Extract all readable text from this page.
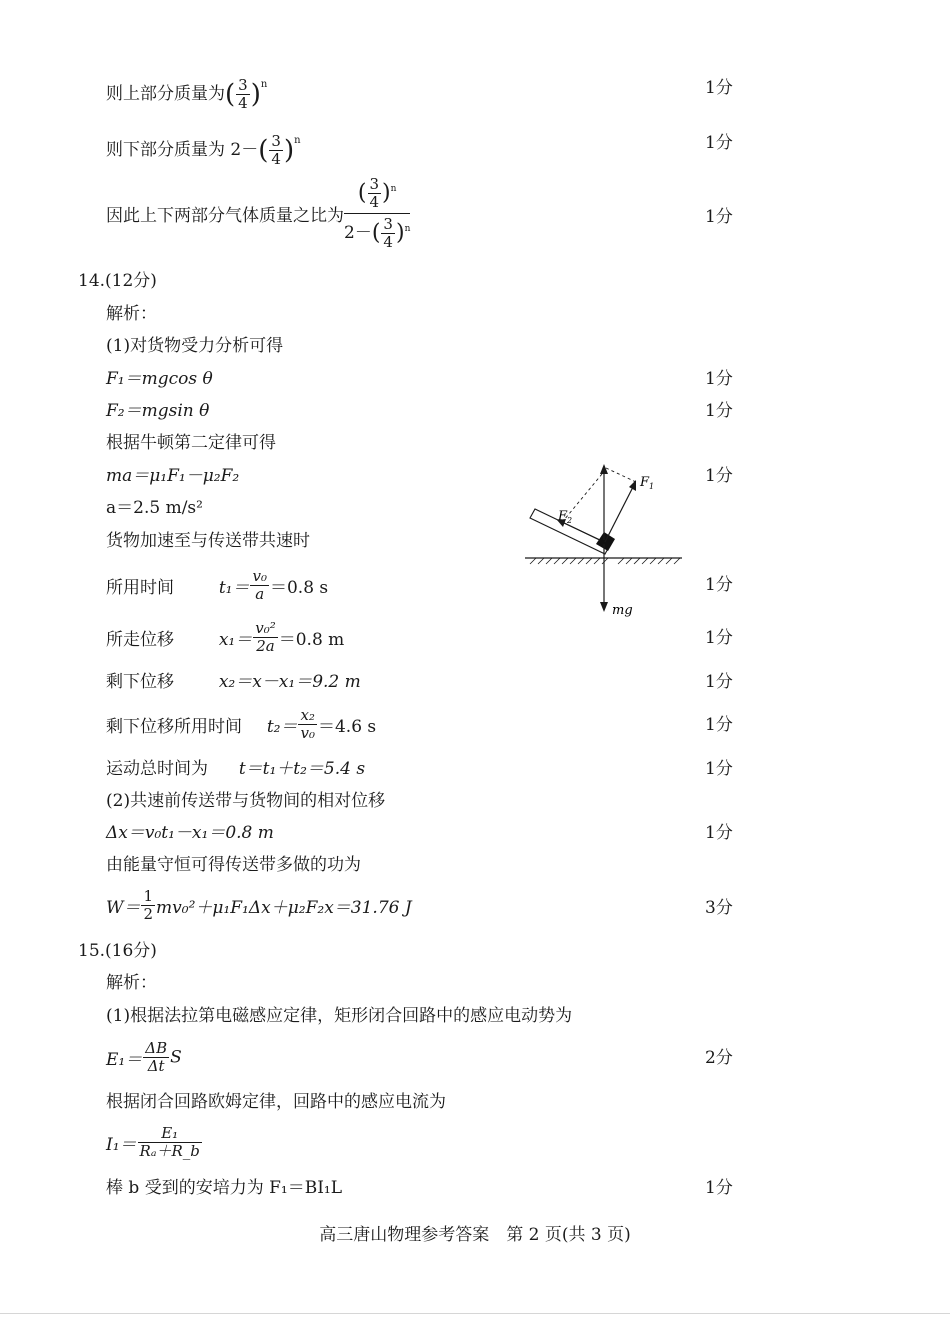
则上部分质量为( $\frac{3}{4} )^n$	1分
则下部分质量为 $2-( \frac{3}{4} )^n$	1分
因此上下两部分气体质量之比为 $\frac{( \frac{3}{4} )^n}{2-( \frac{3}{4} )^n}$	1分
14.(12分)
解析：
(1)对货物受力分析可得
F₁＝mgcos θ	1分
F₂＝mgsin θ	1分
根据牛顿第二定律可得
ma＝μ₁F₁－μ₂F₂	1分
a＝2.5 m/s²
货物加速至与传送带共速时
F 1
F 2
mg
所用时间	$t_1= \frac{\text{v₀}}{a} =0.8$ s	1分
所走位移	$x_1= \frac{\text{v₀²}}{2a} =0.8$ m	1分
剩下位移	x₂＝x－x₁＝9.2 m	1分
剩下位移所用时间 $t_2= \frac{\text{x₂}}{\text{v₀}} =4.6$ s	1分
运动总时间为 t＝t₁＋t₂＝5.4 s	1分
(2)共速前传送带与货物间的相对位移
Δx＝v₀t₁－x₁＝0.8 m	1分
由能量守恒可得传送带多做的功为
$W= \frac{1}{2} mv_0^2+\mu_1F_1\Delta x+\mu_2F_2x=31.76$ J	3分
15.(16分)
解析：
(1)根据法拉第电磁感应定律，矩形闭合回路中的感应电动势为
$E_1= \frac{\Delta B}{\Delta t}$ S	2分
根据闭合回路欧姆定律，回路中的感应电流为
$I_1= \frac{\text{E₁}}{\text{Rₐ＋R\_b}}$
棒 b 受到的安培力为 F₁＝BI₁L	1分
高三唐山物理参考答案　第 2 页(共 3 页)
